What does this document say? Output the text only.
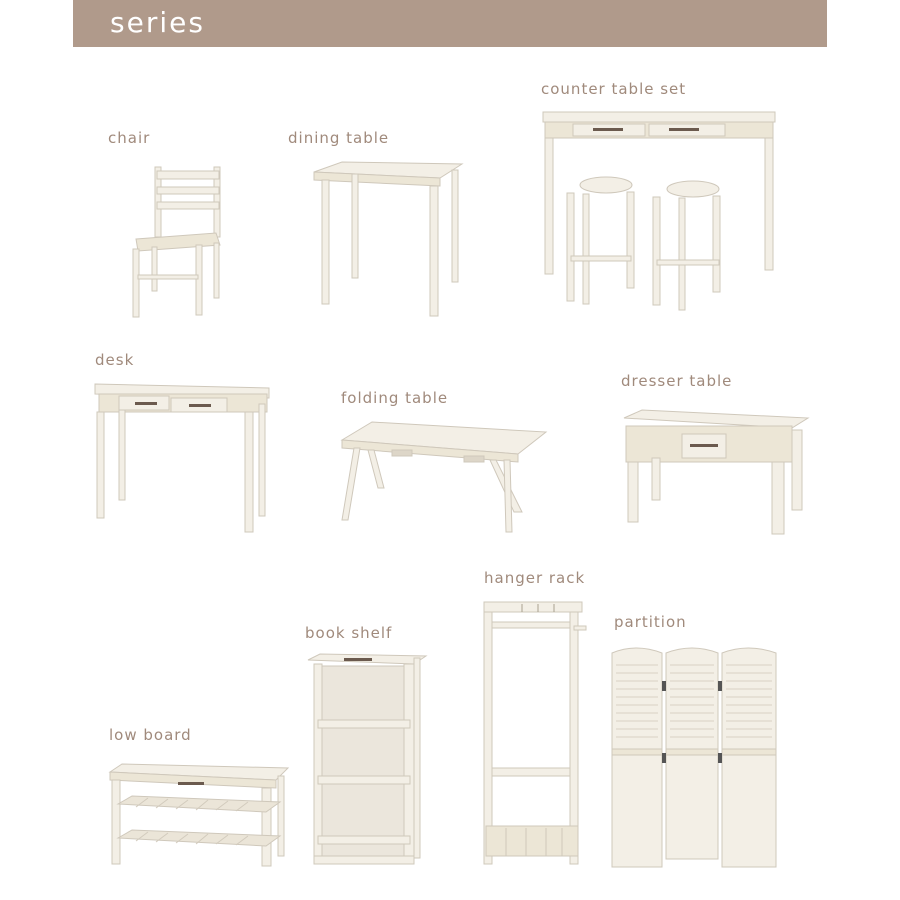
series
chair	dining table
counter table set
desk
folding table
dresser table
hanger rack
book shelf
partition
low board
